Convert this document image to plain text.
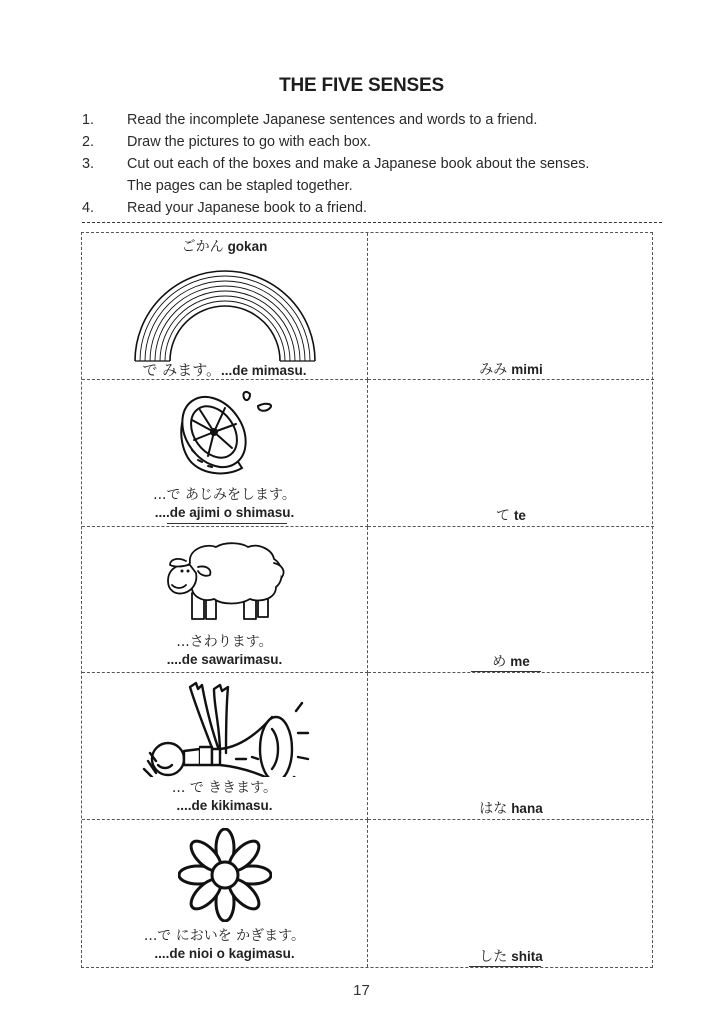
THE FIVE SENSES
1.	Read the incomplete Japanese sentences and words to a friend.
2.	Draw the pictures to go with each box.
3.	Cut out each of the boxes and make a Japanese book about the senses.
The pages can be stapled together.
4.	Read your Japanese book to a friend.
ごかん gokan
で みます。...de mimasu.	みみ mimi
...で あじみをします。
....de ajimi o shimasu.	て te
...さわります。
....de sawarimasu.	め me
... で ききます。
....de kikimasu.	はな hana
...で においを かぎます。
....de nioi o kagimasu.	した shita
17
